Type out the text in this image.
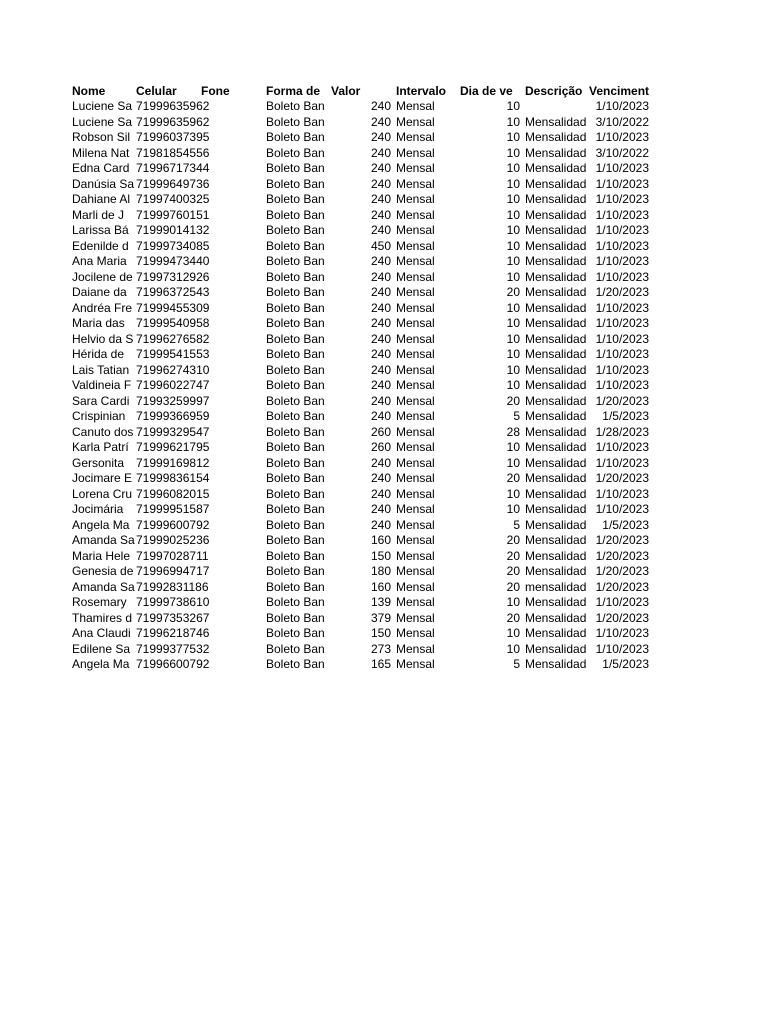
Nome	Celular	Fone	Forma de Valor	Intervalo	Dia de ve	Descrição Venciment
Luciene Sa 71999635962	Boleto Ban	240 Mensal	10	1/10/2023
Luciene Sa 71999635962	Boleto Ban	240 Mensal	10 Mensalidad 3/10/2022
Robson Sil 71996037395	Boleto Ban	240 Mensal	10 Mensalidad 1/10/2023
Milena Nat 71981854556	Boleto Ban	240 Mensal	10 Mensalidad 3/10/2022
Edna Card 71996717344	Boleto Ban	240 Mensal	10 Mensalidad 1/10/2023
Danúsia Sa 71999649736	Boleto Ban	240 Mensal	10 Mensalidad 1/10/2023
Dahiane Al 71997400325	Boleto Ban	240 Mensal	10 Mensalidad 1/10/2023
Marli de J 71999760151	Boleto Ban	240 Mensal	10 Mensalidad 1/10/2023
Larissa Bá 71999014132	Boleto Ban	240 Mensal	10 Mensalidad 1/10/2023
Edenilde d 71999734085	Boleto Ban	450 Mensal	10 Mensalidad 1/10/2023
Ana Maria 71999473440	Boleto Ban	240 Mensal	10 Mensalidad 1/10/2023
Jocilene de 71997312926	Boleto Ban	240 Mensal	10 Mensalidad 1/10/2023
Daiane da 71996372543	Boleto Ban	240 Mensal	20 Mensalidad 1/20/2023
Andréa Fre 71999455309	Boleto Ban	240 Mensal	10 Mensalidad 1/10/2023
Maria das 71999540958	Boleto Ban	240 Mensal	10 Mensalidad 1/10/2023
Helvio da S 71996276582	Boleto Ban	240 Mensal	10 Mensalidad 1/10/2023
Hérida de 71999541553	Boleto Ban	240 Mensal	10 Mensalidad 1/10/2023
Lais Tatian 71996274310	Boleto Ban	240 Mensal	10 Mensalidad 1/10/2023
Valdineia F 71996022747	Boleto Ban	240 Mensal	10 Mensalidad 1/10/2023
Sara Cardi 71993259997	Boleto Ban	240 Mensal	20 Mensalidad 1/20/2023
Crispinian 71999366959	Boleto Ban	240 Mensal	5 Mensalidad	1/5/2023
Canuto dos 71999329547	Boleto Ban	260 Mensal	28 Mensalidad 1/28/2023
Karla Patrí 71999621795	Boleto Ban	260 Mensal	10 Mensalidad 1/10/2023
Gersonita 71999169812	Boleto Ban	240 Mensal	10 Mensalidad 1/10/2023
Jocimare E 71999836154	Boleto Ban	240 Mensal	20 Mensalidad 1/20/2023
Lorena Cru 71996082015	Boleto Ban	240 Mensal	10 Mensalidad 1/10/2023
Jocimária	71999951587	Boleto Ban	240 Mensal	10 Mensalidad 1/10/2023
Angela Ma 71999600792	Boleto Ban	240 Mensal	5 Mensalidad	1/5/2023
Amanda Sa 71999025236	Boleto Ban	160 Mensal	20 Mensalidad 1/20/2023
Maria Hele 71997028711	Boleto Ban	150 Mensal	20 Mensalidad 1/20/2023
Genesia de 71996994717	Boleto Ban	180 Mensal	20 Mensalidad 1/20/2023
Amanda Sa 71992831186	Boleto Ban	160 Mensal	20 mensalidad 1/20/2023
Rosemary 71999738610	Boleto Ban	139 Mensal	10 Mensalidad 1/10/2023
Thamires d 71997353267	Boleto Ban	379 Mensal	20 Mensalidad 1/20/2023
Ana Claudi 71996218746	Boleto Ban	150 Mensal	10 Mensalidad 1/10/2023
Edilene Sa 71999377532	Boleto Ban	273 Mensal	10 Mensalidad 1/10/2023
Angela Ma 71996600792	Boleto Ban	165 Mensal	5 Mensalidad	1/5/2023
